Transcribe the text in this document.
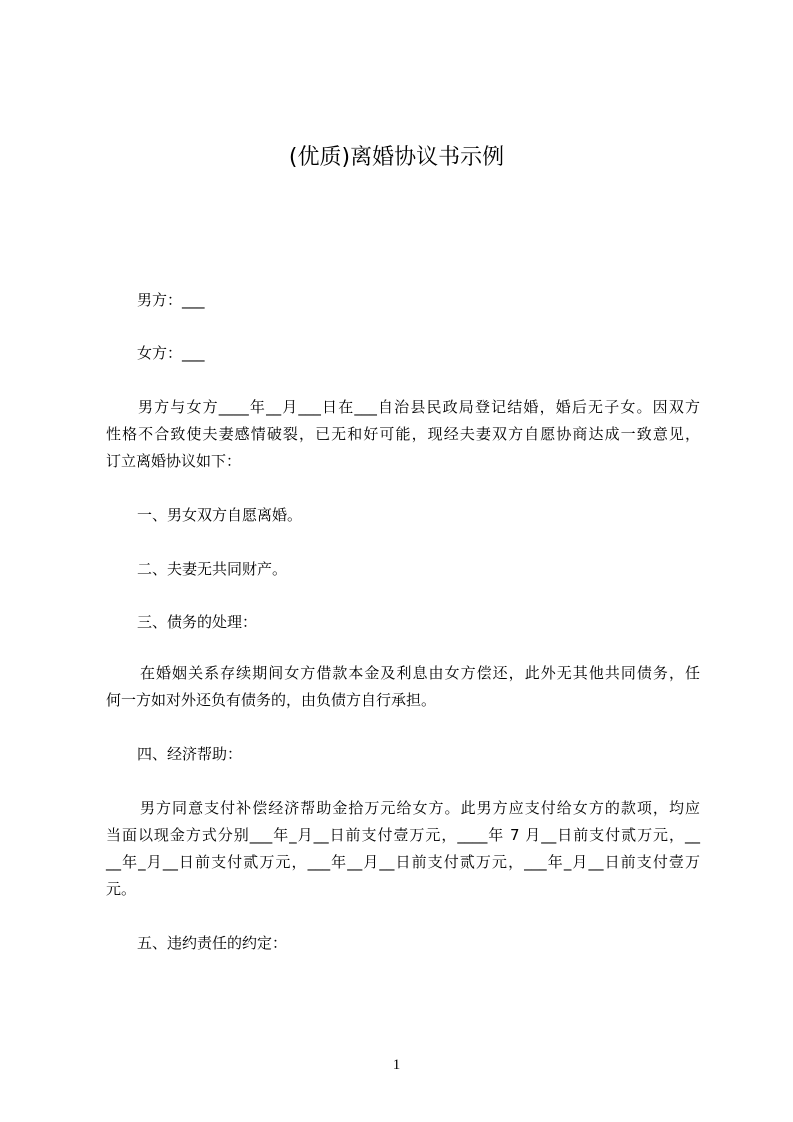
(优质)离婚协议书示例
男方：___
女方：___
男方与女方____年__月___日在___自治县民政局登记结婚，婚后无子女。因双方
性格不合致使夫妻感情破裂，已无和好可能，现经夫妻双方自愿协商达成一致意见，
订立离婚协议如下：
一、男女双方自愿离婚。
二、夫妻无共同财产。
三、债务的处理：
在婚姻关系存续期间女方借款本金及利息由女方偿还，此外无其他共同债务，任
何一方如对外还负有债务的，由负债方自行承担。
四、经济帮助：
男方同意支付补偿经济帮助金拾万元给女方。此男方应支付给女方的款项，均应
当面以现金方式分别___年_月__日前支付壹万元，____年 7 月__日前支付贰万元，__
__年_月__日前支付贰万元，___年__月__日前支付贰万元，___年_月__日前支付壹万
元。
五、违约责任的约定：
1
